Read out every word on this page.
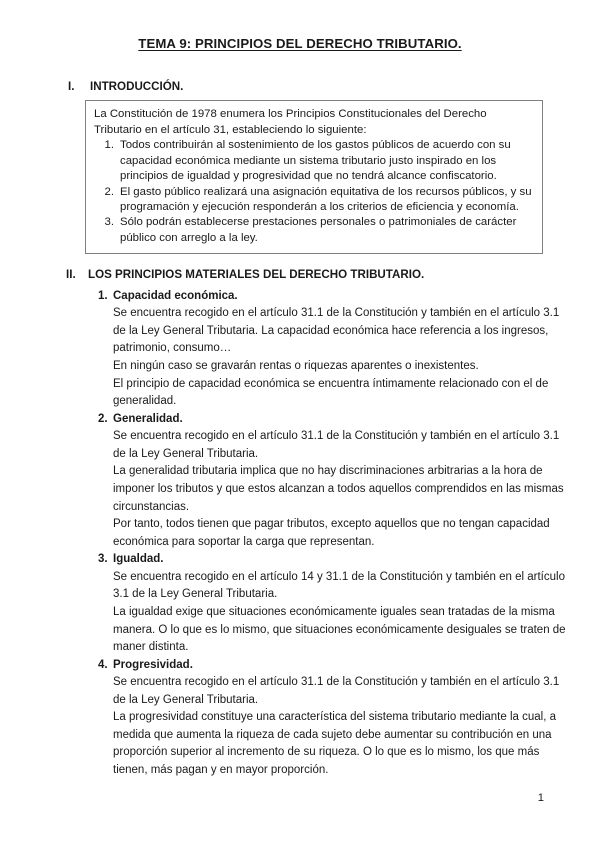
TEMA 9: PRINCIPIOS DEL DERECHO TRIBUTARIO.
I.	INTRODUCCIÓN.

La Constitución de 1978 enumera los Principios Constitucionales del Derecho Tributario en el artículo 31, estableciendo lo siguiente:

1. Todos contribuirán al sostenimiento de los gastos públicos de acuerdo con su capacidad económica mediante un sistema tributario justo inspirado en los principios de igualdad y progresividad que no tendrá alcance confiscatorio.
2. El gasto público realizará una asignación equitativa de los recursos públicos, y su programación y ejecución responderán a los criterios de eficiencia y economía.
3. Sólo podrán establecerse prestaciones personales o patrimoniales de carácter público con arreglo a la ley.
II.	LOS PRINCIPIOS MATERIALES DEL DERECHO TRIBUTARIO.
1. Capacidad económica.

Se encuentra recogido en el artículo 31.1 de la Constitución y también en el artículo 3.1 de la Ley General Tributaria. La capacidad económica hace referencia a los ingresos, patrimonio, consumo…

En ningún caso se gravarán rentas o riquezas aparentes o inexistentes.

El principio de capacidad económica se encuentra íntimamente relacionado con el de generalidad.

2. Generalidad.

Se encuentra recogido en el artículo 31.1 de la Constitución y también en el artículo 3.1 de la Ley General Tributaria.

La generalidad tributaria implica que no hay discriminaciones arbitrarias a la hora de imponer los tributos y que estos alcanzan a todos aquellos comprendidos en las mismas circunstancias.

Por tanto, todos tienen que pagar tributos, excepto aquellos que no tengan capacidad económica para soportar la carga que representan.

3. Igualdad.

Se encuentra recogido en el artículo 14 y 31.1 de la Constitución y también en el artículo 3.1 de la Ley General Tributaria.

La igualdad exige que situaciones económicamente iguales sean tratadas de la misma manera. O lo que es lo mismo, que situaciones económicamente desiguales se traten de maner distinta.

4. Progresividad.

Se encuentra recogido en el artículo 31.1 de la Constitución y también en el artículo 3.1 de la Ley General Tributaria.

La progresividad constituye una característica del sistema tributario mediante la cual, a medida que aumenta la riqueza de cada sujeto debe aumentar su contribución en una proporción superior al incremento de su riqueza. O lo que es lo mismo, los que más tienen, más pagan y en mayor proporción.

1
